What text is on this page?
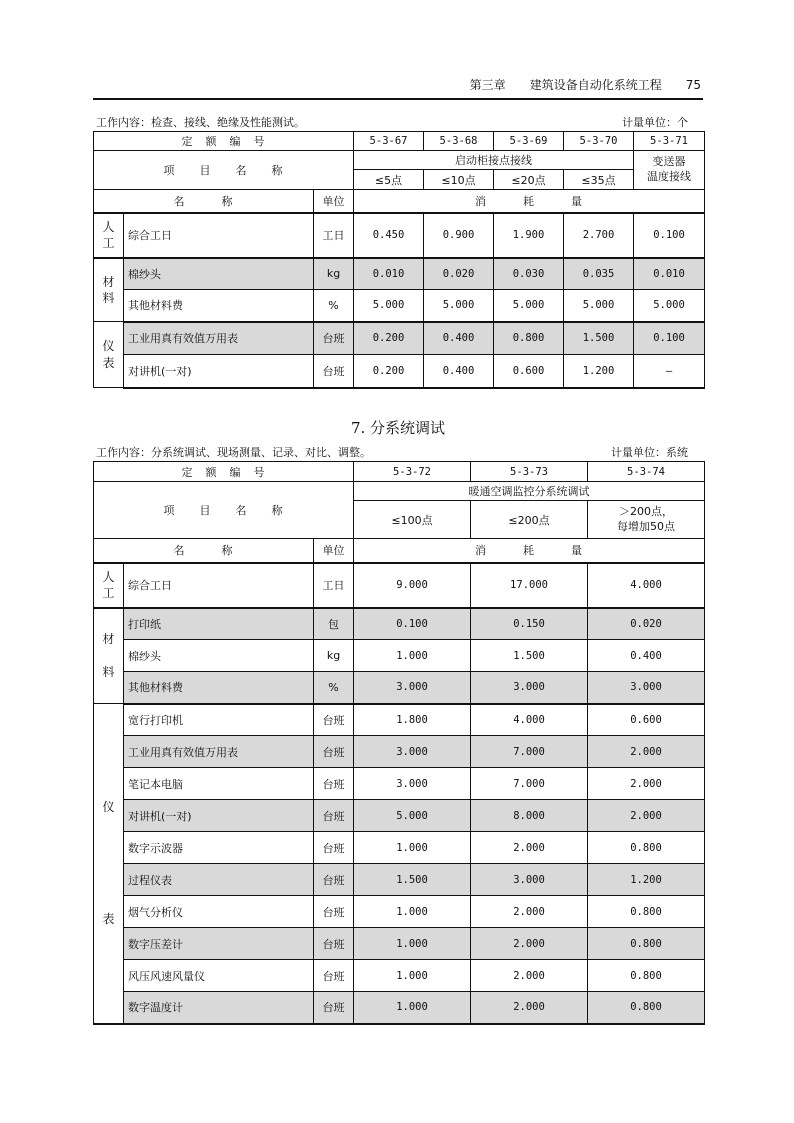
第三章　　 建筑设备自动化系统工程　　 75
工作内容：检查、接线、绝缘及性能测试。	计量单位：个
定　额　编　号			5-3-67	5-3-68	5-3-69	5-3-70	5-3-71
项　　目　　名　　称			启动柜接点接线				变送器
温度接线
			≤5点	≤10点	≤20点	≤35点	
名　　　称		单位	消　　　耗　　　量				
人
工	综合工日	工日	0.450	0.900	1.900	2.700	0.100
材
料	棉纱头	kg	0.010	0.020	0.030	0.035	0.010
	其他材料费	%	5.000	5.000	5.000	5.000	5.000
仪
表	工业用真有效值万用表	台班	0.200	0.400	0.800	1.500	0.100
	对讲机(一对)	台班	0.200	0.400	0.600	1.200	—
7. 分系统调试
工作内容：分系统调试、现场测量、记录、对比、调整。	计量单位：系统
定　额　编　号			5-3-72	5-3-73	5-3-74
项　　目　　名　　称			暖通空调监控分系统调试		
			≤100点	≤200点	＞200点，
每增加50点
名　　　称		单位	消　　　耗　　　量		
人
工	综合工日	工日	9.000	17.000	4.000
材

料	打印纸	包	0.100	0.150	0.020
	棉纱头	kg	1.000	1.500	0.400
	其他材料费	%	3.000	3.000	3.000

仪
表	宽行打印机	台班	1.800	4.000	0.600
	工业用真有效值万用表	台班	3.000	7.000	2.000
	笔记本电脑	台班	3.000	7.000	2.000
	对讲机(一对)	台班	5.000	8.000	2.000
	数字示波器	台班	1.000	2.000	0.800
	过程仪表	台班	1.500	3.000	1.200
	烟气分析仪	台班	1.000	2.000	0.800
	数字压差计	台班	1.000	2.000	0.800
	风压风速风量仪	台班	1.000	2.000	0.800
	数字温度计	台班	1.000	2.000	0.800
